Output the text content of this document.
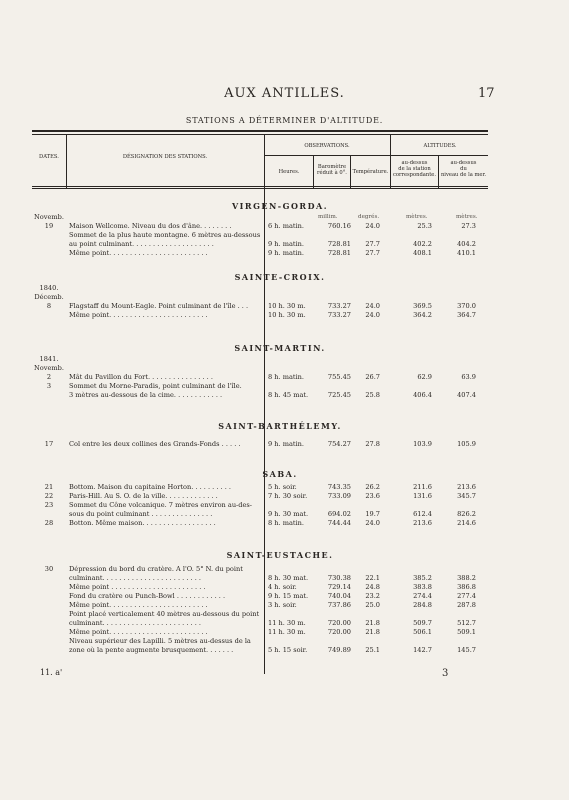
AUX ANTILLES.	17
STATIONS A DÉTERMINER D'ALTITUDE.
DATES.	DÉSIGNATION DES STATIONS.
OBSERVATIONS.	ALTITUDES.
Heures.
Baromètre
réduit à 0°.	Température.
au-dessus
de la station
correspondante.
au-dessus
du
niveau de la mer.
VIRGEN-GORDA.
SAINTE-CROIX.
SAINT-MARTIN.
SAINT-BARTHÉLEMY.
SABA.
SAINT-EUSTACHE.
millim.	degrés.	mètres.	mètres.
Novemb.
19	Maison Wellcome. Niveau du dos d'âne. . . . . . . .	6 h. matin.	760.16	24.0	25.3	27.3
Sommet de la plus haute montagne. 6 mètres au-dessous
au point culminant. . . . . . . . . . . . . . . . . . . .	9 h. matin.	728.81	27.7	402.2	404.2
Même point. . . . . . . . . . . . . . . . . . . . . . . .	9 h. matin.	728.81	27.7	408.1	410.1
1840.
Décemb.
8	Flagstaff du Mount-Eagle. Point culminant de l'île . . .	10 h. 30 m.	733.27	24.0	369.5	370.0
Même point. . . . . . . . . . . . . . . . . . . . . . . .	10 h. 30 m.	733.27	24.0	364.2	364.7
1841.
Novemb.
2	Mât du Pavillon du Fort. . . . . . . . . . . . . . . .	8 h. matin.	755.45	26.7	62.9	63.9
3	Sommet du Morne-Paradis, point culminant de l'île.
3 mètres au-dessous de la cime. . . . . . . . . . . .	8 h. 45 mat.	725.45	25.8	406.4	407.4
17	Col entre les deux collines des Grands-Fonds . . . . .	9 h. matin.	754.27	27.8	103.9	105.9
21	Bottom. Maison du capitaine Horton. . . . . . . . . .	5 h. soir.	743.35	26.2	211.6	213.6
22	Paris-Hill. Au S. O. de la ville. . . . . . . . . . . . .	7 h. 30 soir.	733.09	23.6	131.6	345.7
23	Sommet du Cône volcanique. 7 mètres environ au-des-
sous du point culminant . . . . . . . . . . . . . . .	9 h. 30 mat.	694.02	19.7	612.4	826.2
28	Botton. Même maison. . . . . . . . . . . . . . . . . .	8 h. matin.	744.44	24.0	213.6	214.6
30	Dépression du bord du cratère. A l'O. 5° N. du point
culminant. . . . . . . . . . . . . . . . . . . . . . . .	8 h. 30 mat.	730.38	22.1	385.2	388.2
Même point . . . . . . . . . . . . . . . . . . . . . . .	4 h. soir.	729.14	24.8	383.8	386.8
Fond du cratère ou Punch-Bowl . . . . . . . . . . . .	9 h. 15 mat.	740.04	23.2	274.4	277.4
Même point. . . . . . . . . . . . . . . . . . . . . . . .	3 h. soir.	737.86	25.0	284.8	287.8
Point placé verticalement 40 mètres au-dessous du point
culminant. . . . . . . . . . . . . . . . . . . . . . . .	11 h. 30 m.	720.00	21.8	509.7	512.7
Même point. . . . . . . . . . . . . . . . . . . . . . . .	11 h. 30 m.	720.00	21.8	506.1	509.1
Niveau supérieur des Lapilli. 5 mètres au-dessus de la
zone où la pente augmente brusquement. . . . . . .	5 h. 15 soir.	749.89	25.1	142.7	145.7
11. a'	3
